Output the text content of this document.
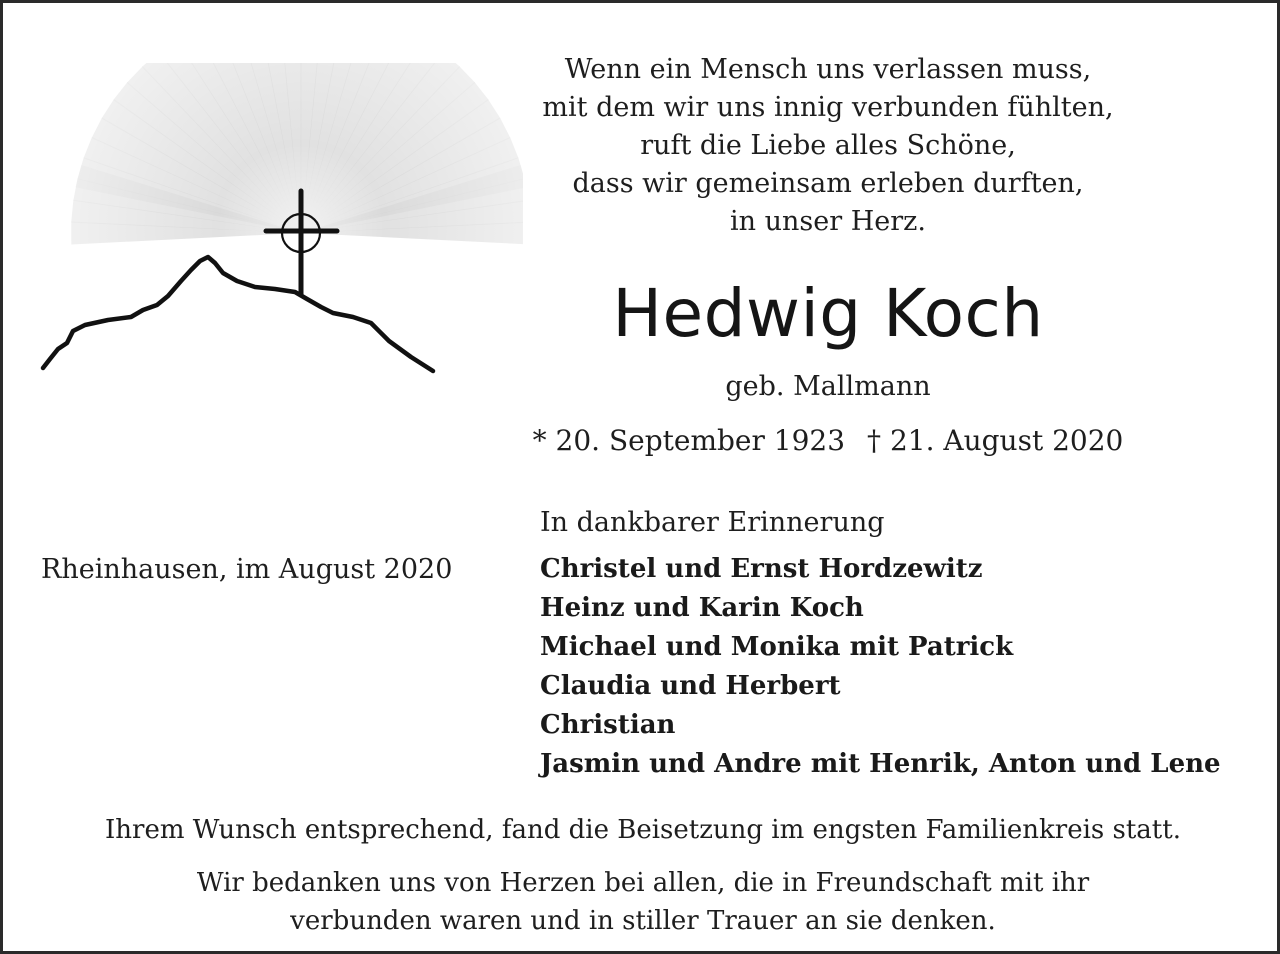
Wenn ein Mensch uns verlassen muss,
mit dem wir uns innig verbunden fühlten,
ruft die Liebe alles Schöne,
dass wir gemeinsam erleben durften,
in unser Herz.
Hedwig Koch
geb. Mallmann
* 20. September 1923 † 21. August 2020
In dankbarer Erinnerung
Rheinhausen, im August 2020	Christel und Ernst Hordzewitz
Heinz und Karin Koch
Michael und Monika mit Patrick
Claudia und Herbert
Christian
Jasmin und Andre mit Henrik, Anton und Lene
Ihrem Wunsch entsprechend, fand die Beisetzung im engsten Familienkreis statt.
Wir bedanken uns von Herzen bei allen, die in Freundschaft mit ihr
verbunden waren und in stiller Trauer an sie denken.
